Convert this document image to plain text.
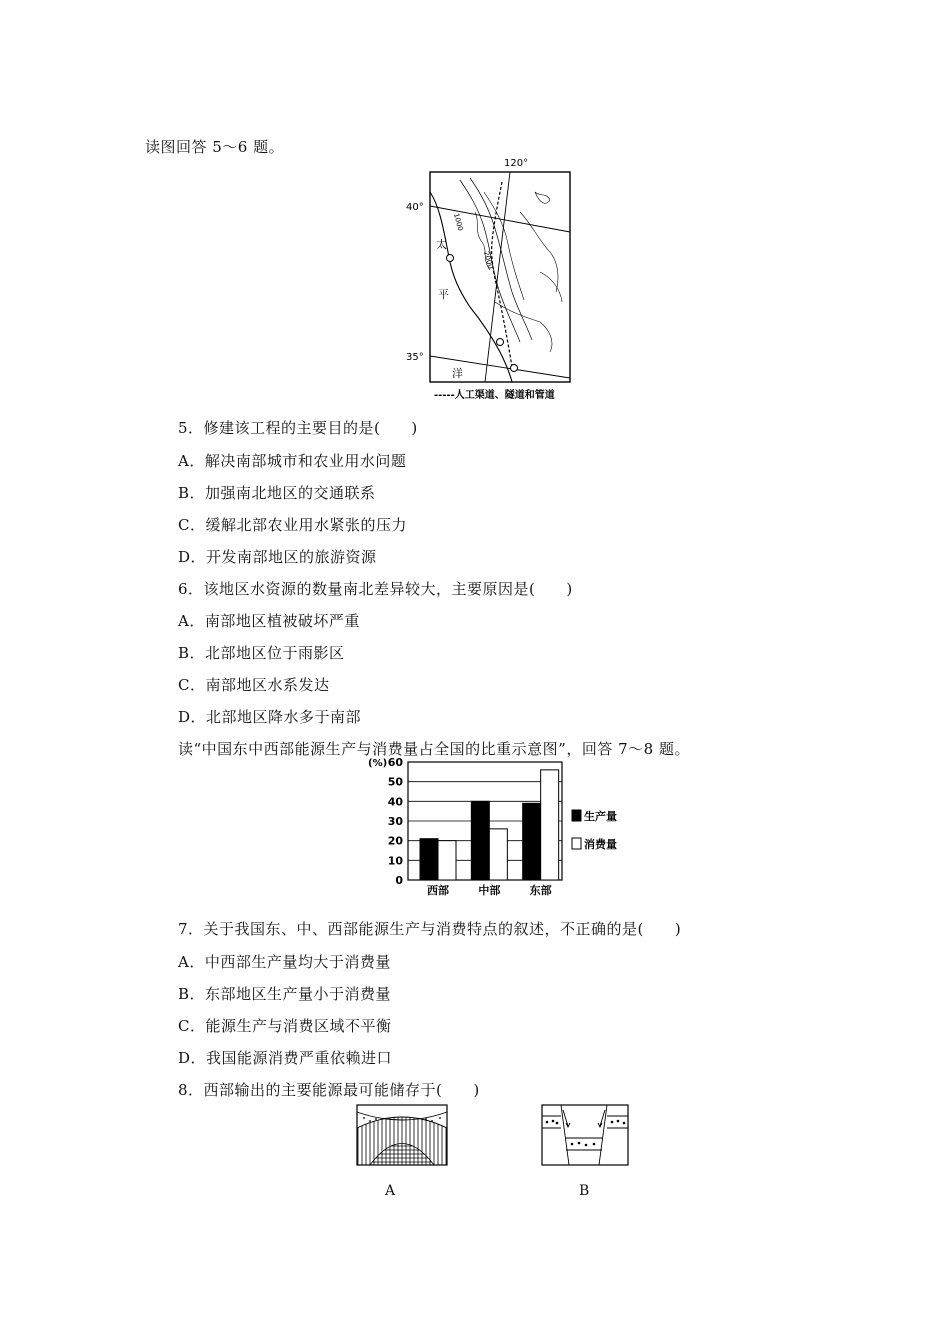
读图回答 5～6 题。
120°
40°
35°
1000
2000
太
平
洋
-----人工渠道、隧道和管道
5．修建该工程的主要目的是(　　)
A．解决南部城市和农业用水问题
B．加强南北地区的交通联系
C．缓解北部农业用水紧张的压力
D．开发南部地区的旅游资源
6．该地区水资源的数量南北差异较大，主要原因是(　　)
A．南部地区植被破坏严重
B．北部地区位于雨影区
C．南部地区水系发达
D．北部地区降水多于南部
读“中国东中西部能源生产与消费量占全国的比重示意图”，回答 7～8 题。
0
10
20
30
40
50
60
(%)
西部	中部	东部
生产量
消费量
7．关于我国东、中、西部能源生产与消费特点的叙述，不正确的是(　　)
A．中西部生产量均大于消费量
B．东部地区生产量小于消费量
C．能源生产与消费区域不平衡
D．我国能源消费严重依赖进口
8．西部输出的主要能源最可能储存于(　　)
A	B
